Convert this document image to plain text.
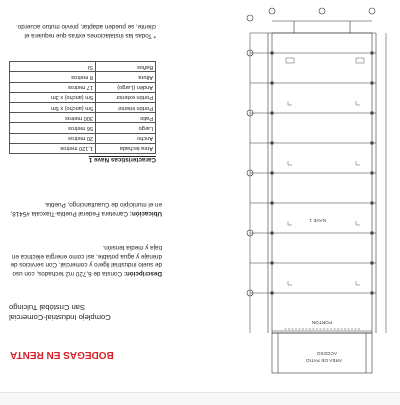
ÁREA DE PATIO
ACCESO
PORTÓN
NAVE 1
BODEGAS EN RENTA
Complejo Industrial-Comercial
San Cristóbal Tulcingo
Descripción: Consta de 6,720 m2 techados, con uso de suelo industrial ligero y comercial. Con servicios de drenaje y agua potable, así como energía eléctrica en baja y media tensión.
Ubicación: Carretera Federal Puebla-Tlaxcala #5418, en el municipio de Cuautlancingo, Puebla.
Características Nave 1
Área techada	1,120 metros
Ancho	20 metros
Largo	56 metros
Patio	300 metros
Portón interior	5m (ancho) x 5m
Portón exterior	5m (ancho) x 3m
Andén (Largo)	17 metros
Altura	8 metros
Baños	Sí
* Todas las instalaciones extras que requiera el cliente, se pueden adaptar, previo mutuo acuerdo.
